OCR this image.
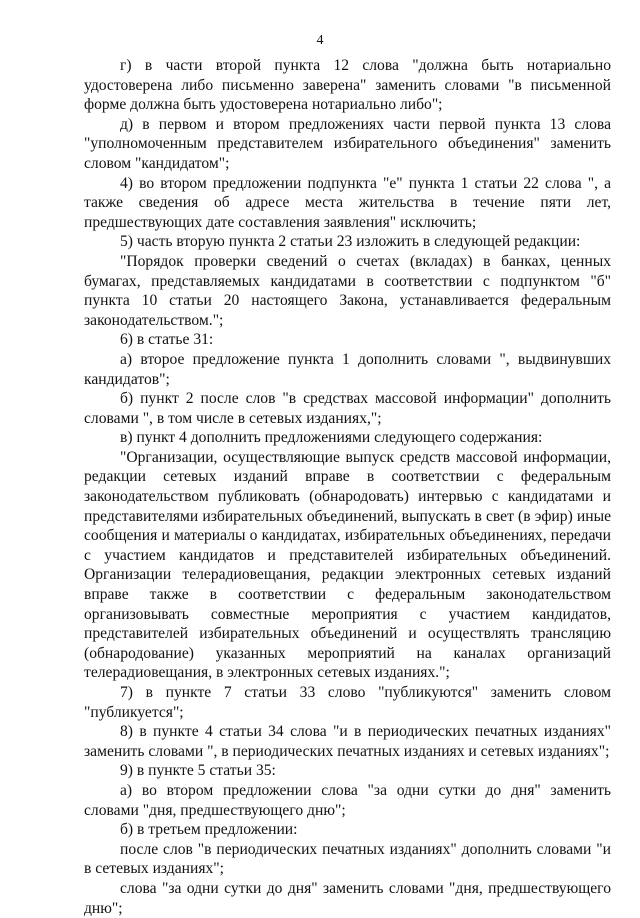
4

г) в части второй пункта 12 слова "должна быть нотариально удостоверена либо письменно заверена" заменить словами "в письменной форме должна быть удостоверена нотариально либо";

д) в первом и втором предложениях части первой пункта 13 слова "уполномоченным представителем избирательного объединения" заменить словом "кандидатом";

4) во втором предложении подпункта "е" пункта 1 статьи 22 слова ", а также сведения об адресе места жительства в течение пяти лет, предшествующих дате составления заявления" исключить;

5) часть вторую пункта 2 статьи 23 изложить в следующей редакции:

"Порядок проверки сведений о счетах (вкладах) в банках, ценных бумагах, представляемых кандидатами в соответствии с подпунктом "б" пункта 10 статьи 20 настоящего Закона, устанавливается федеральным законодательством.";

6) в статье 31:

а) второе предложение пункта 1 дополнить словами ", выдвинувших кандидатов";

б) пункт 2 после слов "в средствах массовой информации" дополнить словами ", в том числе в сетевых изданиях,";

в) пункт 4 дополнить предложениями следующего содержания:

"Организации, осуществляющие выпуск средств массовой информации, редакции сетевых изданий вправе в соответствии с федеральным законодательством публиковать (обнародовать) интервью с кандидатами и представителями избирательных объединений, выпускать в свет (в эфир) иные сообщения и материалы о кандидатах, избирательных объединениях, передачи с участием кандидатов и представителей избирательных объединений. Организации телерадиовещания, редакции электронных сетевых изданий вправе также в соответствии с федеральным законодательством организовывать совместные мероприятия с участием кандидатов, представителей избирательных объединений и осуществлять трансляцию (обнародование) указанных мероприятий на каналах организаций телерадиовещания, в электронных сетевых изданиях.";

7) в пункте 7 статьи 33 слово "публикуются" заменить словом "публикуется";

8) в пункте 4 статьи 34 слова "и в периодических печатных изданиях" заменить словами ", в периодических печатных изданиях и сетевых изданиях";

9) в пункте 5 статьи 35:

а) во втором предложении слова "за одни сутки до дня" заменить словами "дня, предшествующего дню";

б) в третьем предложении:

после слов "в периодических печатных изданиях" дополнить словами "и в сетевых изданиях";

слова "за одни сутки до дня" заменить словами "дня, предшествующего дню";
